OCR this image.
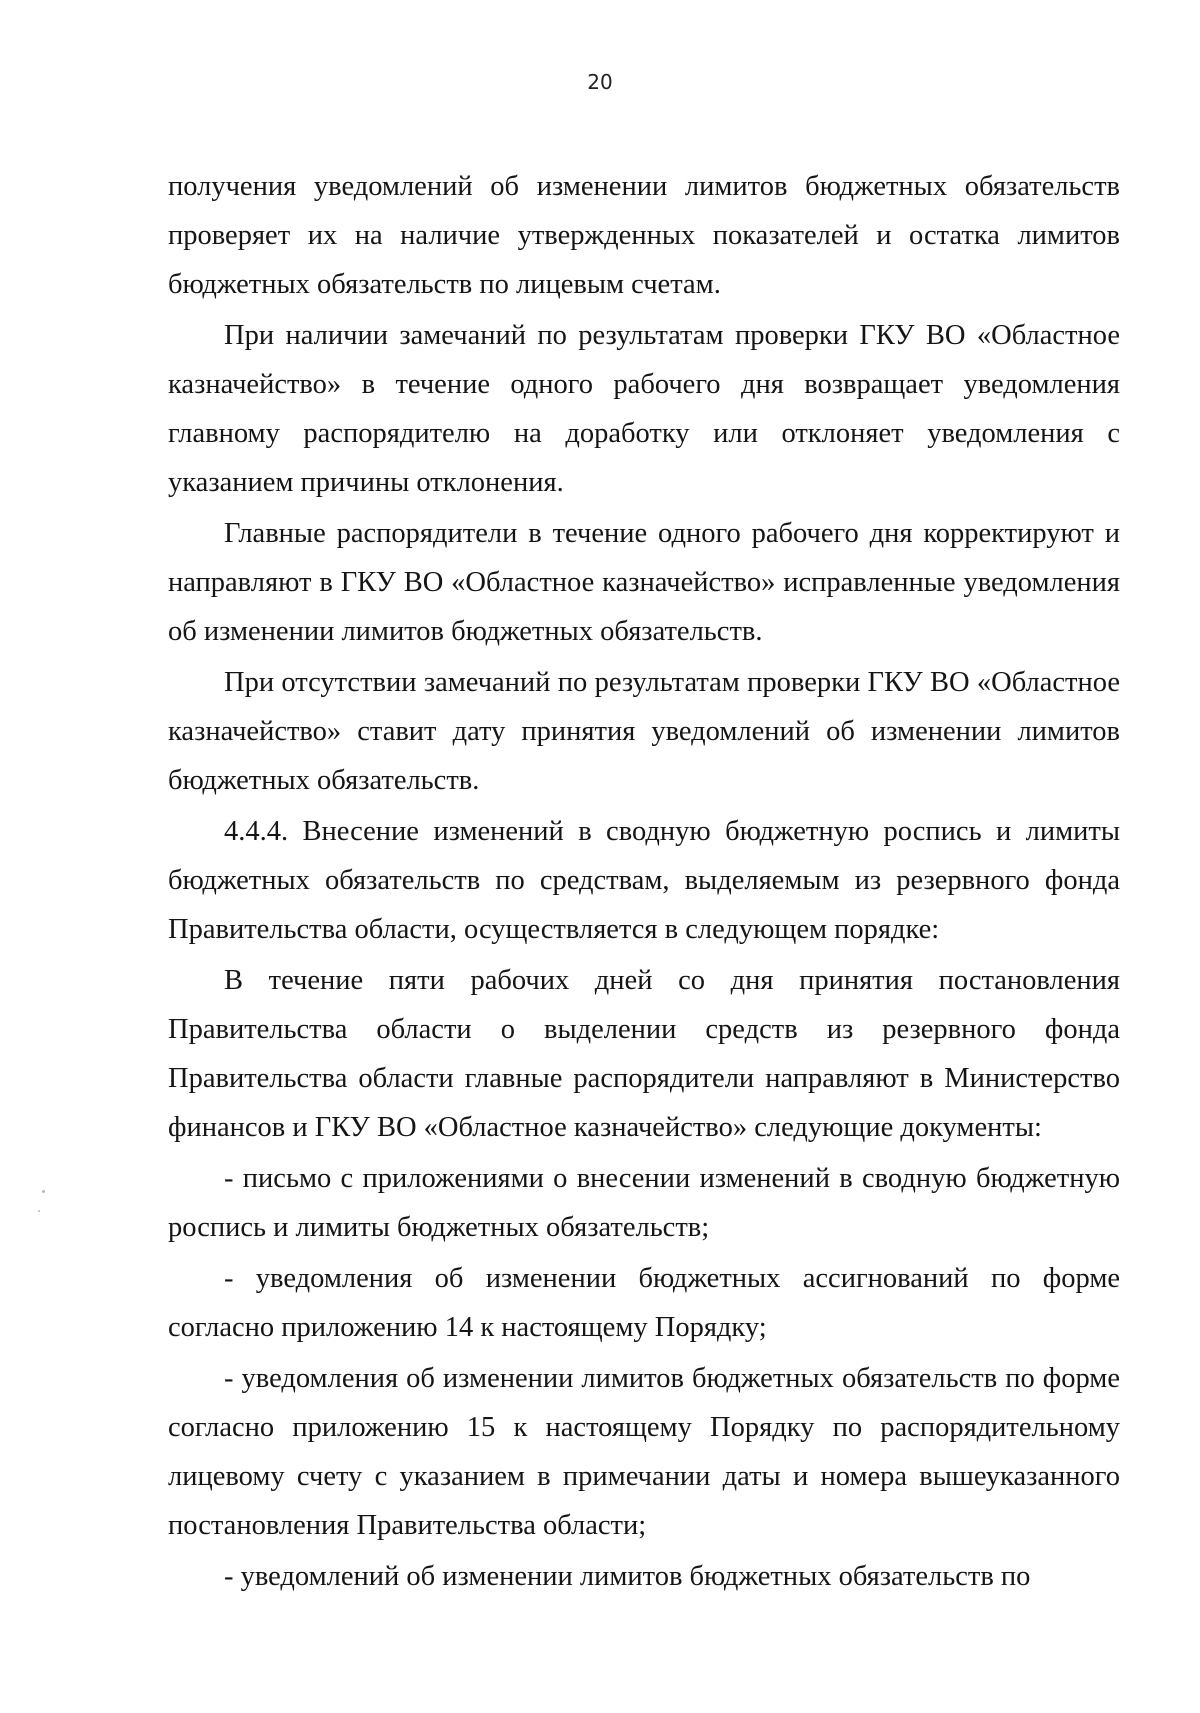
20

получения уведомлений об изменении лимитов бюджетных обязательств проверяет их на наличие утвержденных показателей и остатка лимитов бюджетных обязательств по лицевым счетам.

При наличии замечаний по результатам проверки ГКУ ВО «Областное казначейство» в течение одного рабочего дня возвращает уведомления главному распорядителю на доработку или отклоняет уведомления с указанием причины отклонения.

Главные распорядители в течение одного рабочего дня корректируют и направляют в ГКУ ВО «Областное казначейство» исправленные уведомления об изменении лимитов бюджетных обязательств.

При отсутствии замечаний по результатам проверки ГКУ ВО «Областное казначейство» ставит дату принятия уведомлений об изменении лимитов бюджетных обязательств.

4.4.4. Внесение изменений в сводную бюджетную роспись и лимиты бюджетных обязательств по средствам, выделяемым из резервного фонда Правительства области, осуществляется в следующем порядке:

В течение пяти рабочих дней со дня принятия постановления Правительства области о выделении средств из резервного фонда Правительства области главные распорядители направляют в Министерство финансов и ГКУ ВО «Областное казначейство» следующие документы:

- письмо с приложениями о внесении изменений в сводную бюджетную роспись и лимиты бюджетных обязательств;

- уведомления об изменении бюджетных ассигнований по форме согласно приложению 14 к настоящему Порядку;

- уведомления об изменении лимитов бюджетных обязательств по форме согласно приложению 15 к настоящему Порядку по распорядительному лицевому счету с указанием в примечании даты и номера вышеуказанного постановления Правительства области;

- уведомлений об изменении лимитов бюджетных обязательств по
